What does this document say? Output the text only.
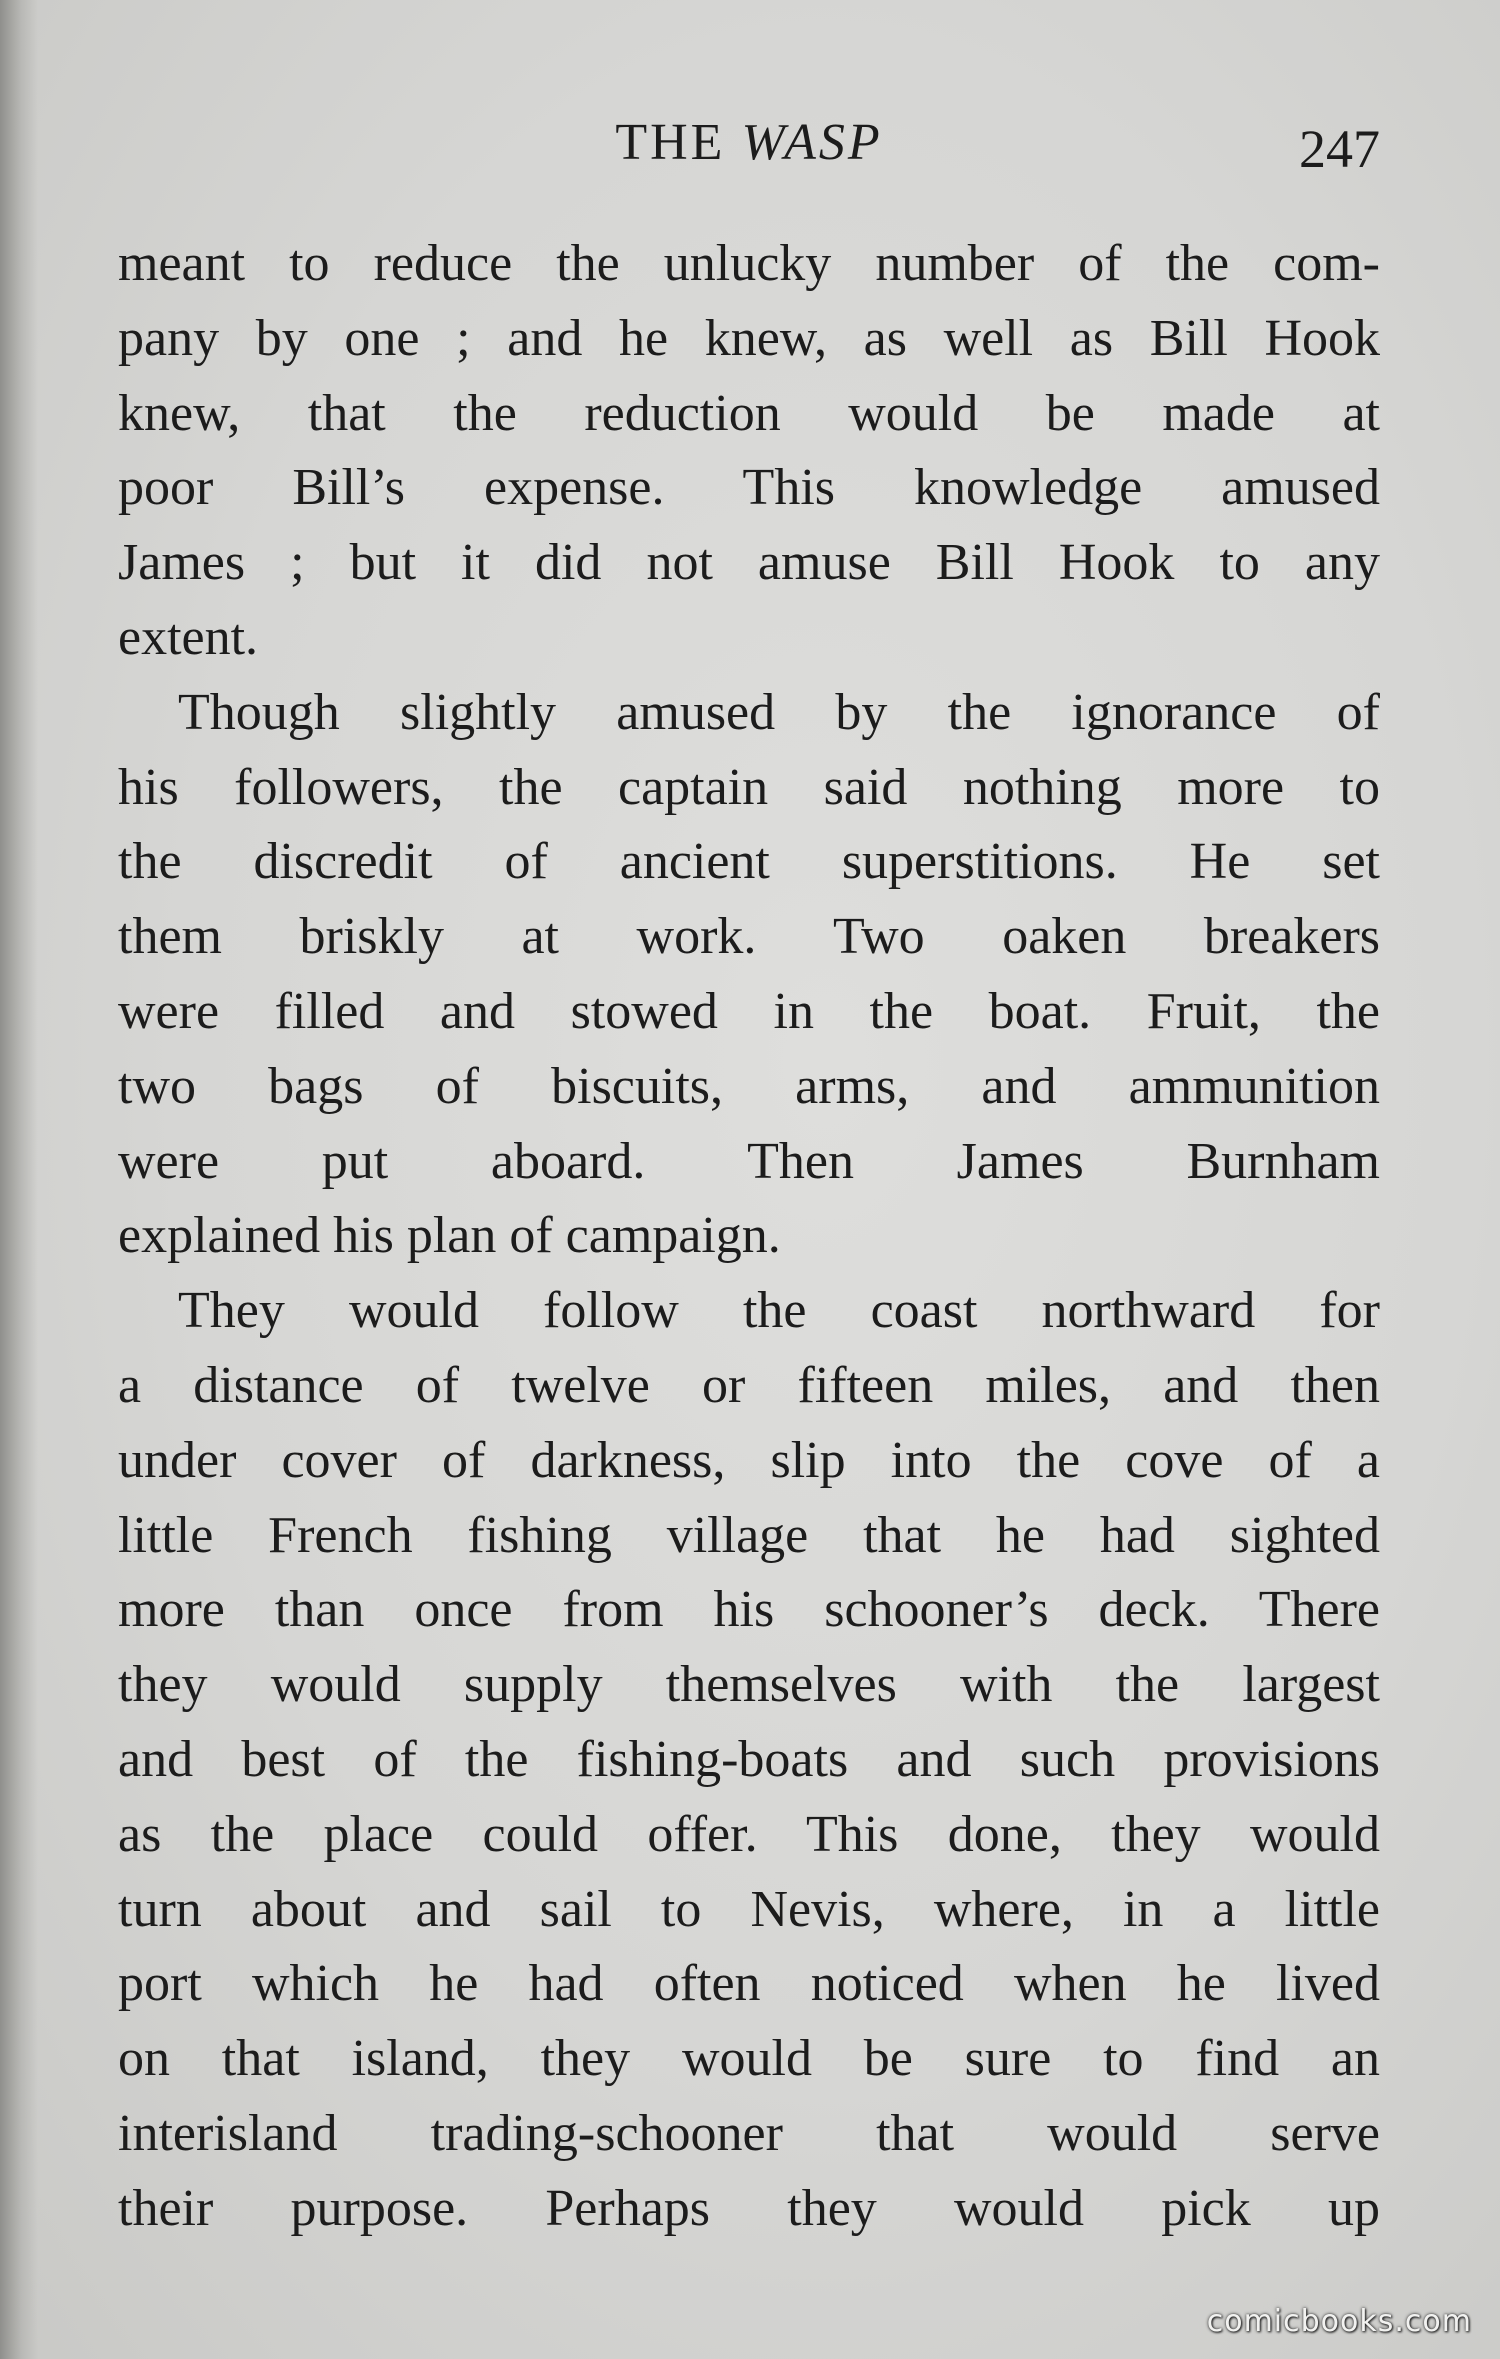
THE WASP	247
meant to reduce the unlucky number of the com-
pany by one ; and he knew, as well as Bill Hook
knew, that the reduction would be made at
poor Bill’s expense. This knowledge amused
James ; but it did not amuse Bill Hook to any
extent.
Though slightly amused by the ignorance of
his followers, the captain said nothing more to
the discredit of ancient superstitions. He set
them briskly at work. Two oaken breakers
were filled and stowed in the boat. Fruit, the
two bags of biscuits, arms, and ammunition
were put aboard. Then James Burnham
explained his plan of campaign.
They would follow the coast northward for
a distance of twelve or fifteen miles, and then
under cover of darkness, slip into the cove of a
little French fishing village that he had sighted
more than once from his schooner’s deck. There
they would supply themselves with the largest
and best of the fishing-boats and such provisions
as the place could offer. This done, they would
turn about and sail to Nevis, where, in a little
port which he had often noticed when he lived
on that island, they would be sure to find an
interisland trading-schooner that would serve
their purpose. Perhaps they would pick up
comicbooks.com
